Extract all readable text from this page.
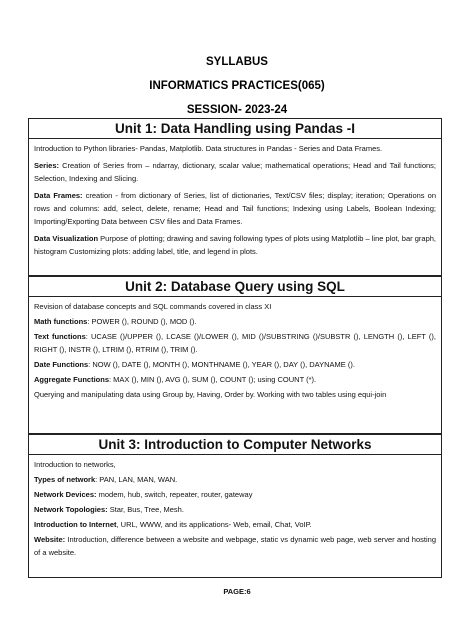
SYLLABUS
INFORMATICS PRACTICES(065)
SESSION- 2023-24
Unit 1: Data Handling using Pandas -I

Introduction to Python libraries- Pandas, Matplotlib. Data structures in Pandas - Series and Data Frames.

Series: Creation of Series from – ndarray, dictionary, scalar value; mathematical operations; Head and Tail functions; Selection, Indexing and Slicing.

Data Frames: creation - from dictionary of Series, list of dictionaries, Text/CSV files; display; iteration; Operations on rows and columns: add, select, delete, rename; Head and Tail functions; Indexing using Labels, Boolean Indexing; Importing/Exporting Data between CSV files and Data Frames.

Data Visualization Purpose of plotting; drawing and saving following types of plots using Matplotlib – line plot, bar graph, histogram Customizing plots: adding label, title, and legend in plots.

Unit 2: Database Query using SQL

Revision of database concepts and SQL commands covered in class XI

Math functions: POWER (), ROUND (), MOD ().

Text functions: UCASE ()/UPPER (), LCASE ()/LOWER (), MID ()/SUBSTRING ()/SUBSTR (), LENGTH (), LEFT (), RIGHT (), INSTR (), LTRIM (), RTRIM (), TRIM ().

Date Functions: NOW (), DATE (), MONTH (), MONTHNAME (), YEAR (), DAY (), DAYNAME ().

Aggregate Functions: MAX (), MIN (), AVG (), SUM (), COUNT (); using COUNT (*).

Querying and manipulating data using Group by, Having, Order by. Working with two tables using equi-join

Unit 3: Introduction to Computer Networks

Introduction to networks,

Types of network: PAN, LAN, MAN, WAN.

Network Devices: modem, hub, switch, repeater, router, gateway

Network Topologies: Star, Bus, Tree, Mesh.

Introduction to Internet, URL, WWW, and its applications- Web, email, Chat, VoIP.

Website: Introduction, difference between a website and webpage, static vs dynamic web page, web server and hosting of a website.

PAGE:6
